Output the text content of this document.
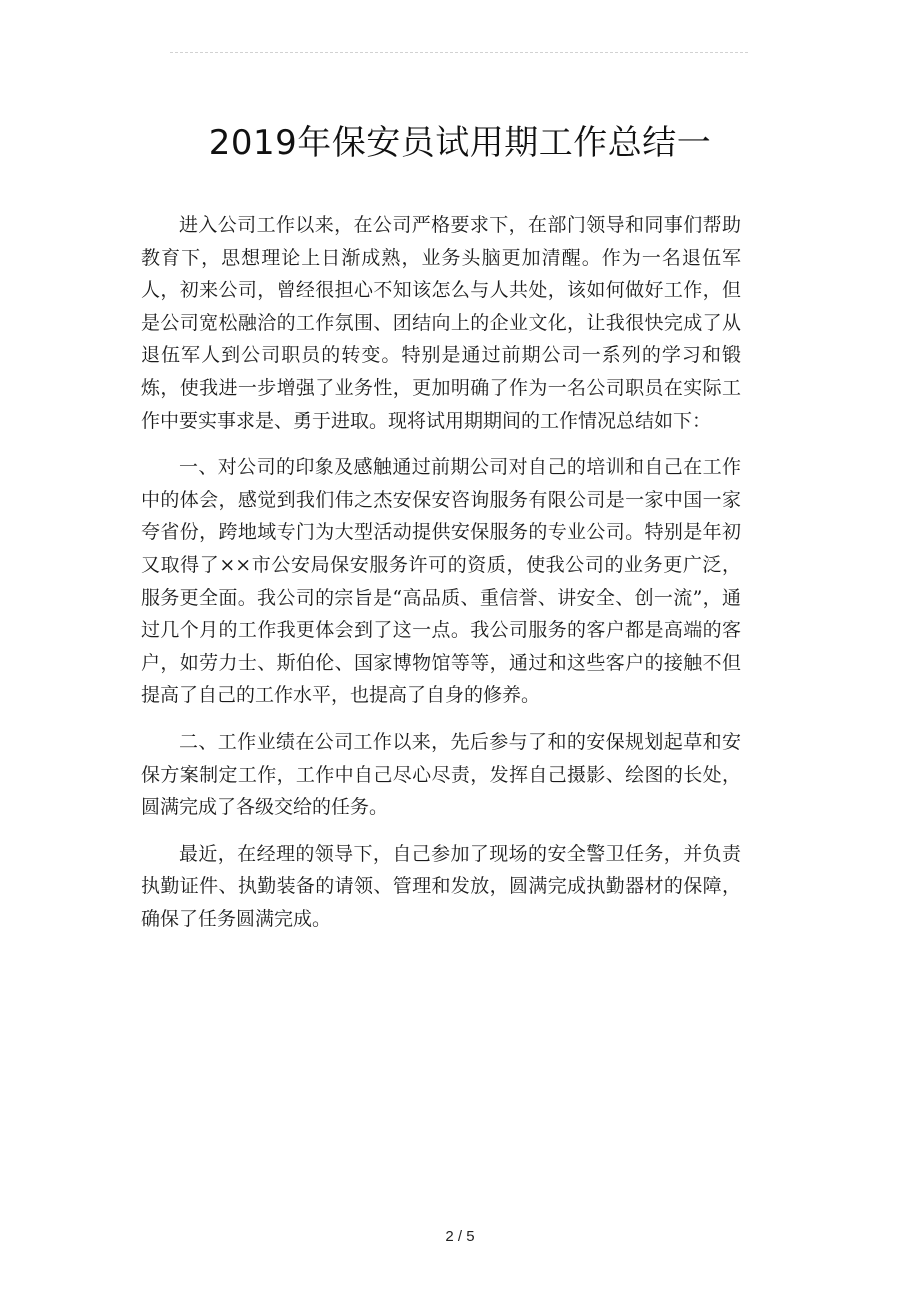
2019年保安员试用期工作总结一

进入公司工作以来，在公司严格要求下，在部门领导和同事们帮助教育下，思想理论上日渐成熟，业务头脑更加清醒。作为一名退伍军人，初来公司，曾经很担心不知该怎么与人共处，该如何做好工作，但是公司宽松融洽的工作氛围、团结向上的企业文化，让我很快完成了从退伍军人到公司职员的转变。特别是通过前期公司一系列的学习和锻炼，使我进一步增强了业务性，更加明确了作为一名公司职员在实际工作中要实事求是、勇于进取。现将试用期期间的工作情况总结如下：

一、对公司的印象及感触通过前期公司对自己的培训和自己在工作中的体会，感觉到我们伟之杰安保安咨询服务有限公司是一家中国一家夸省份，跨地域专门为大型活动提供安保服务的专业公司。特别是年初又取得了××市公安局保安服务许可的资质，使我公司的业务更广泛，服务更全面。我公司的宗旨是“高品质、重信誉、讲安全、创一流”，通过几个月的工作我更体会到了这一点。我公司服务的客户都是高端的客户，如劳力士、斯伯伦、国家博物馆等等，通过和这些客户的接触不但提高了自己的工作水平，也提高了自身的修养。

二、工作业绩在公司工作以来，先后参与了和的安保规划起草和安保方案制定工作，工作中自己尽心尽责，发挥自己摄影、绘图的长处，圆满完成了各级交给的任务。

最近，在经理的领导下，自己参加了现场的安全警卫任务，并负责执勤证件、执勤装备的请领、管理和发放，圆满完成执勤器材的保障，确保了任务圆满完成。

2 / 5
